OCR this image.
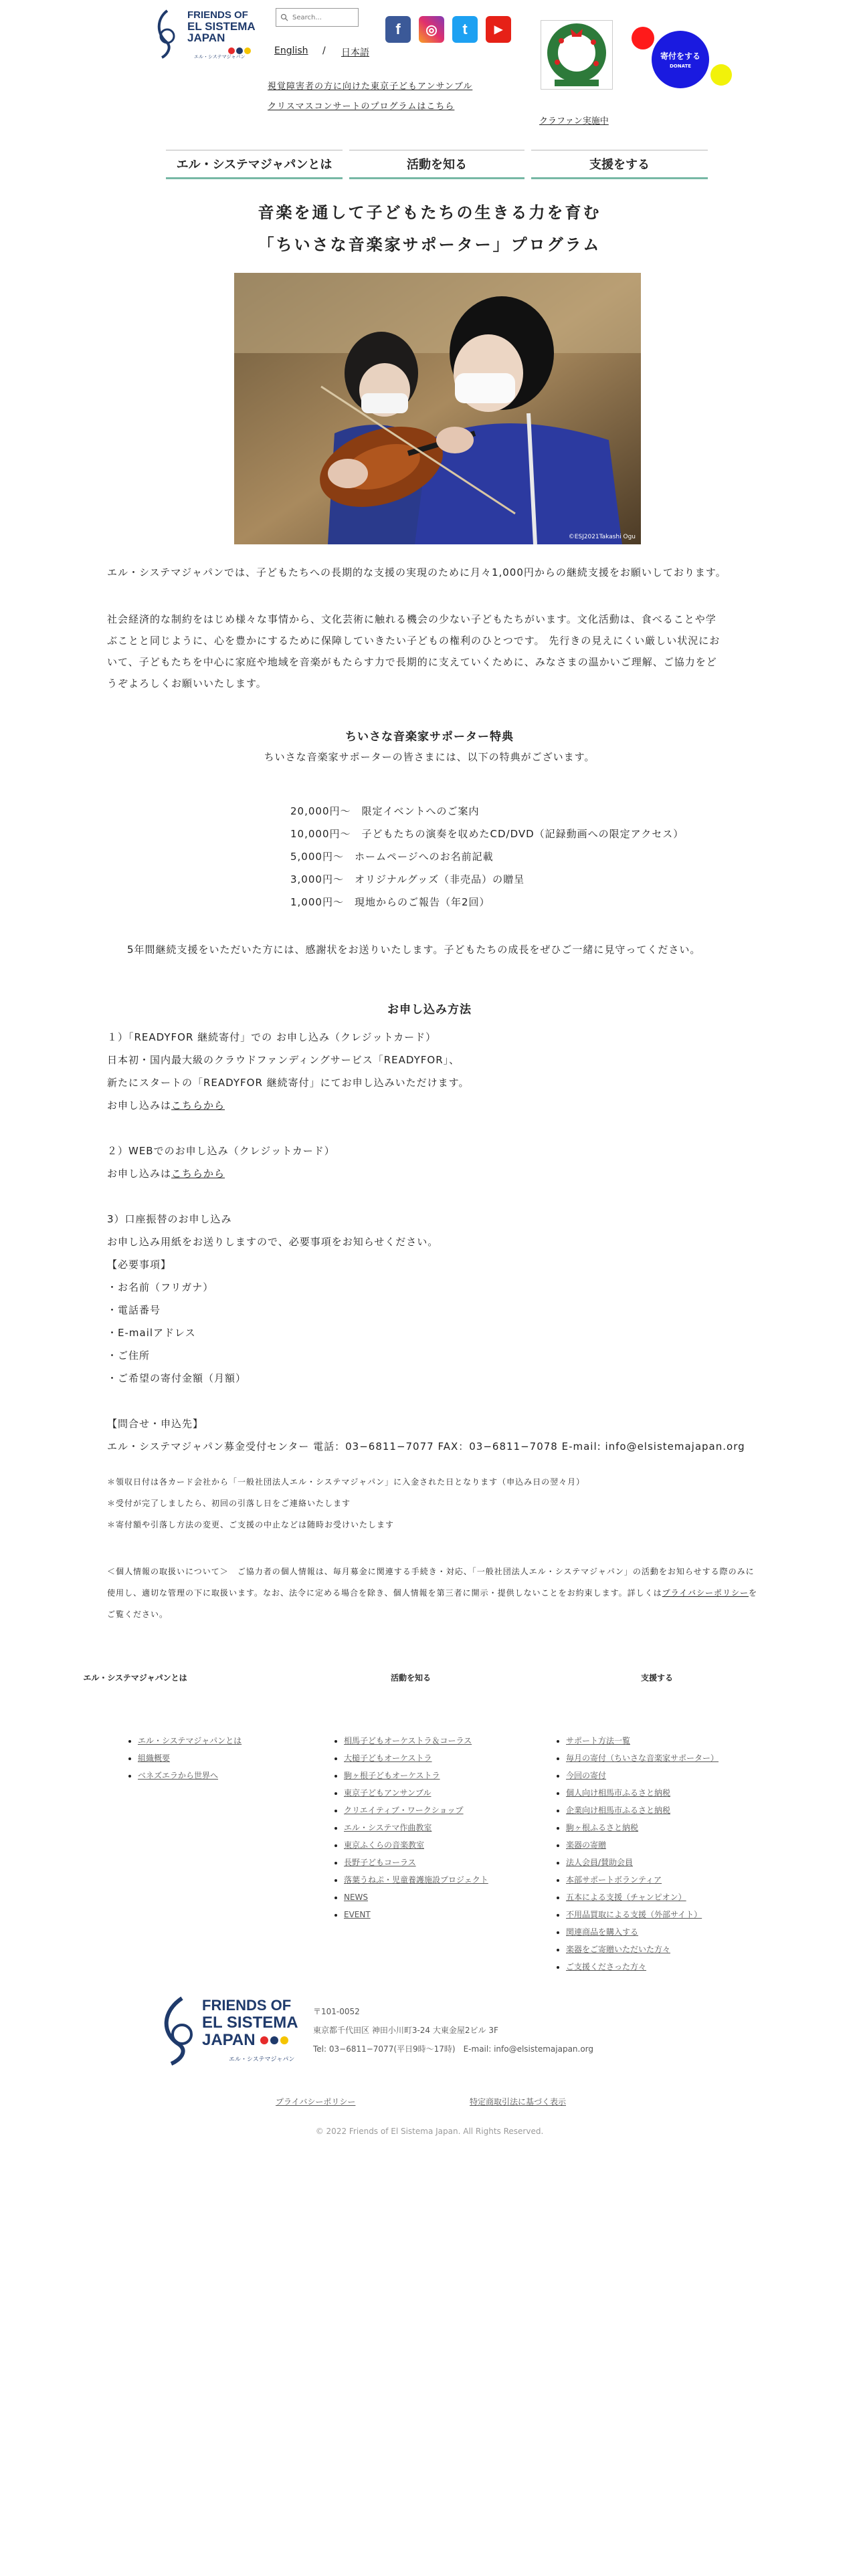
FRIENDS OF
EL SISTEMA
JAPAN
エル・システマジャパン
Search...
English / 日本語
f	◎	t	▶
視覚障害者の方に向けた東京子どもアンサンブル
クリスマスコンサートのプログラムはこちら
クラファン実施中
寄付をする
DONATE
エル・システマジャパンとは	活動を知る	支援をする
音楽を通して子どもたちの生きる力を育む
「ちいさな音楽家サポーター」プログラム
©ESJ2021Takashi Ogu
エル・システマジャパンでは、子どもたちへの長期的な支援の実現のために月々1,000円からの継続支援をお願いしております。
社会経済的な制約をはじめ様々な事情から、文化芸術に触れる機会の少ない子どもたちがいます。文化活動は、食べることや学
ぶことと同じように、心を豊かにするために保障していきたい子どもの権利のひとつです。 先行きの見えにくい厳しい状況にお
いて、子どもたちを中心に家庭や地域を音楽がもたらす力で長期的に支えていくために、みなさまの温かいご理解、ご協力をど
うぞよろしくお願いいたします。
ちいさな音楽家サポーター特典
ちいさな音楽家サポーターの皆さまには、以下の特典がございます。
20,000円〜　限定イベントへのご案内
10,000円〜　子どもたちの演奏を収めたCD/DVD（記録動画への限定アクセス）
5,000円〜　ホームページへのお名前記載
3,000円〜　オリジナルグッズ（非売品）の贈呈
1,000円〜　現地からのご報告（年2回）
5年間継続支援をいただいた方には、感謝状をお送りいたします。子どもたちの成長をぜひご一緒に見守ってください。
お申し込み方法
１）「READYFOR 継続寄付」での お申し込み（クレジットカード）
日本初・国内最大級のクラウドファンディングサービス「READYFOR」、
新たにスタートの「READYFOR 継続寄付」にてお申し込みいただけます。
お申し込みはこちらから
２）WEBでのお申し込み（クレジットカード）
お申し込みはこちらから
3）口座振替のお申し込み
お申し込み用紙をお送りしますので、必要事項をお知らせください。
【必要事項】
・お名前（フリガナ）
・電話番号
・E-mailアドレス
・ご住所
・ご希望の寄付金額（月額）
【問合せ・申込先】
エル・システマジャパン募金受付センター 電話：03−6811−7077 FAX：03−6811−7078 E-mail: info@elsistemajapan.org
＊領収日付は各カード会社から「一般社団法人エル・システマジャパン」に入金された日となります（申込み日の翌々月）
＊受付が完了しましたら、初回の引落し日をご連絡いたします
＊寄付額や引落し方法の変更、ご支援の中止などは随時お受けいたします
＜個人情報の取扱いについて＞　ご協力者の個人情報は、毎月募金に関連する手続き・対応、「一般社団法人エル・システマジャパン」の活動をお知らせする際のみに
使用し、適切な管理の下に取扱います。なお、法令に定める場合を除き、個人情報を第三者に開示・提供しないことをお約束します。詳しくはプライバシーポリシーを
ご覧ください。
エル・システマジャパンとは	活動を知る	支援する
• エル・システマジャパンとは
• 組織概要
• ベネズエラから世界へ
• 相馬子どもオーケストラ＆コーラス
• 大槌子どもオーケストラ
• 駒ヶ根子どもオーケストラ
• 東京子どもアンサンブル
• クリエイティブ・ワークショップ
• エル・システマ作曲教室
• 東京ふくらの音楽教室
• 長野子どもコーラス
• 落葉うねぷ・児童養護施設プロジェクト
• NEWS
• EVENT
• サポート方法一覧
• 毎月の寄付（ちいさな音楽家サポーター）
• 今回の寄付
• 個人向け相馬市ふるさと納税
• 企業向け相馬市ふるさと納税
• 駒ヶ根ふるさと納税
• 楽器の寄贈
• 法人会員/賛助会員
• 本部サポートボランティア
• 五本による支援（チャンピオン）
• 不用品買取による支援（外部サイト）
• 関連商品を購入する
• 楽器をご寄贈いただいた方々
• ご支援くださった方々
FRIENDS OF
EL SISTEMA
JAPAN
エル・システマジャパン
〒101-0052
東京都千代田区 神田小川町3-24 大東金屋2ビル 3F
Tel: 03−6811−7077(平日9時〜17時)　E-mail: info@elsistemajapan.org
プライバシーポリシー	特定商取引法に基づく表示
© 2022 Friends of El Sistema Japan. All Rights Reserved.
